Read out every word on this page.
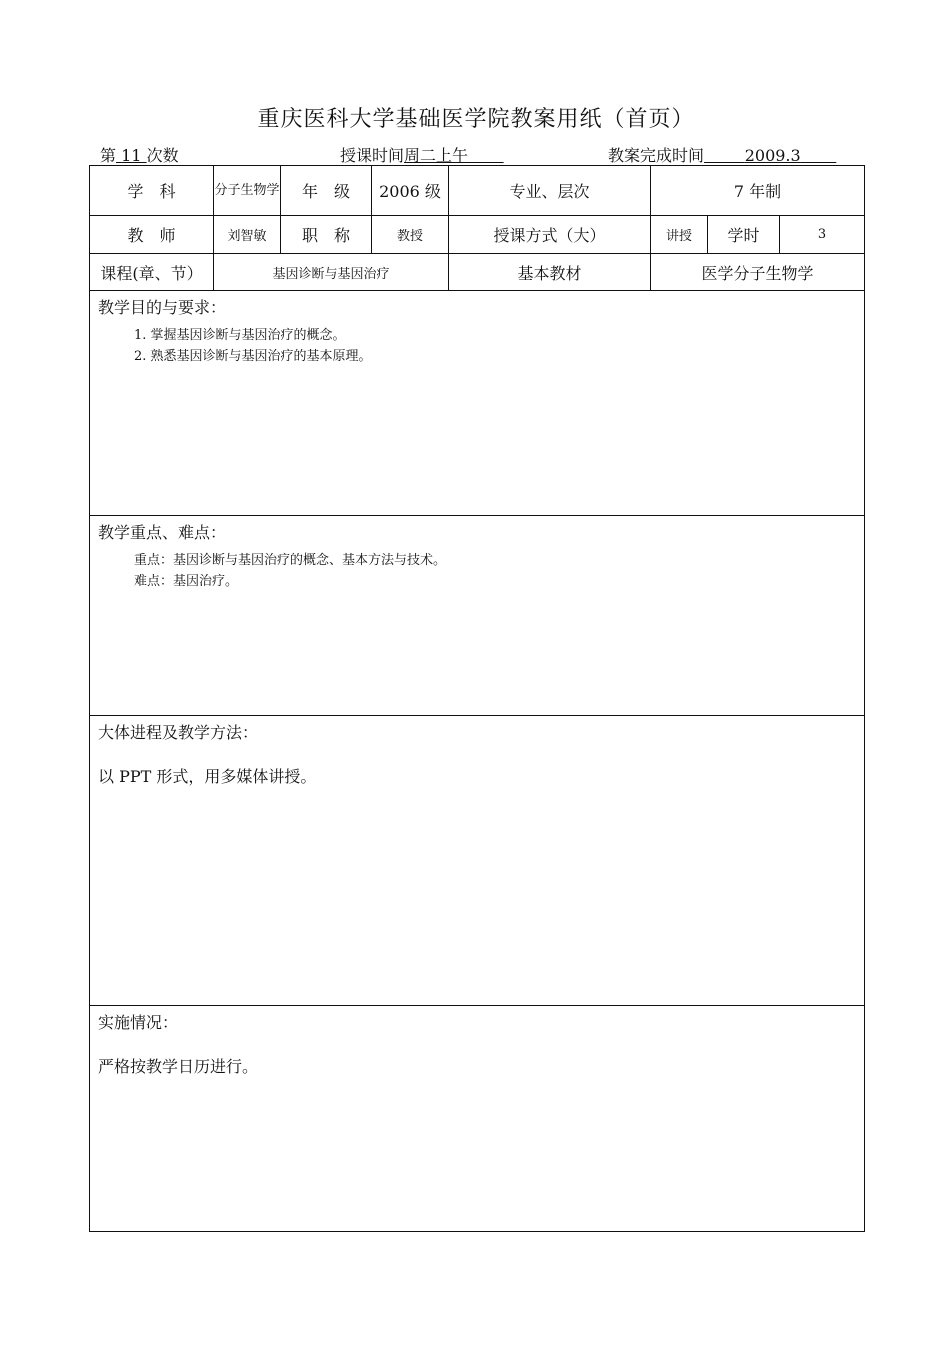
重庆医科大学基础医学院教案用纸（首页）
第 11 次数	授课时间周二上午	教案完成时间	2009.3
学　科	分子生物学	年　级	2006 级	专业、层次	7 年制		
教　师	刘智敏	职　称	教授	授课方式（大）	讲授	学时	3
课程(章、节）	基因诊断与基因治疗			基本教材	医学分子生物学		

教学目的与要求：
1. 掌握基因诊断与基因治疗的概念。
2. 熟悉基因诊断与基因治疗的基本原理。							

教学重点、难点：
重点：基因诊断与基因治疗的概念、基本方法与技术。
难点：基因治疗。							

大体进程及教学方法：
以 PPT 形式，用多媒体讲授。							

实施情况：
严格按教学日历进行。							
